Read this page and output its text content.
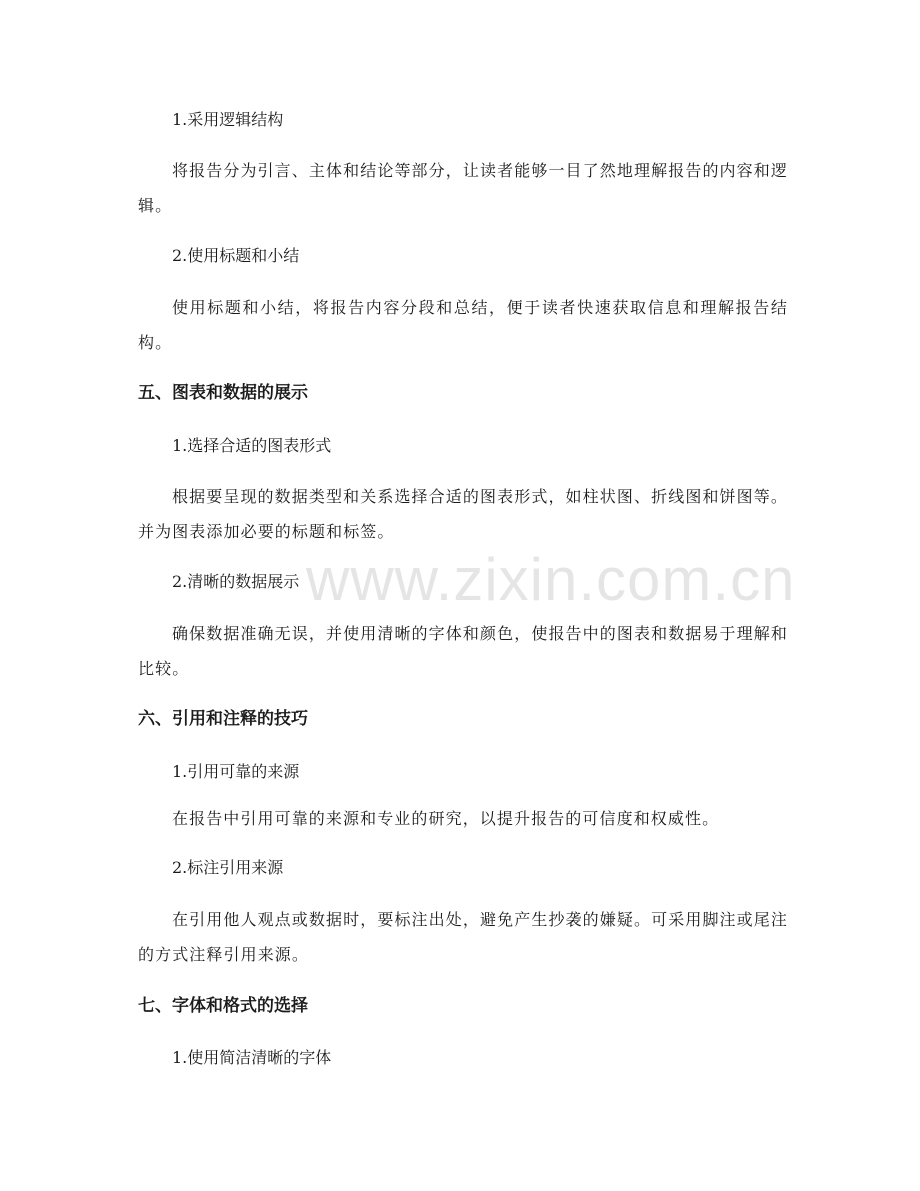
1.采用逻辑结构
将报告分为引言、主体和结论等部分，让读者能够一目了然地理解报告的内容和逻辑。
2.使用标题和小结
使用标题和小结，将报告内容分段和总结，便于读者快速获取信息和理解报告结构。
五、图表和数据的展示
1.选择合适的图表形式
根据要呈现的数据类型和关系选择合适的图表形式，如柱状图、折线图和饼图等。并为图表添加必要的标题和标签。
2.清晰的数据展示
确保数据准确无误，并使用清晰的字体和颜色，使报告中的图表和数据易于理解和比较。
六、引用和注释的技巧
1.引用可靠的来源
在报告中引用可靠的来源和专业的研究，以提升报告的可信度和权威性。
2.标注引用来源
在引用他人观点或数据时，要标注出处，避免产生抄袭的嫌疑。可采用脚注或尾注的方式注释引用来源。
七、字体和格式的选择
1.使用简洁清晰的字体
www.zixin.com.cn
